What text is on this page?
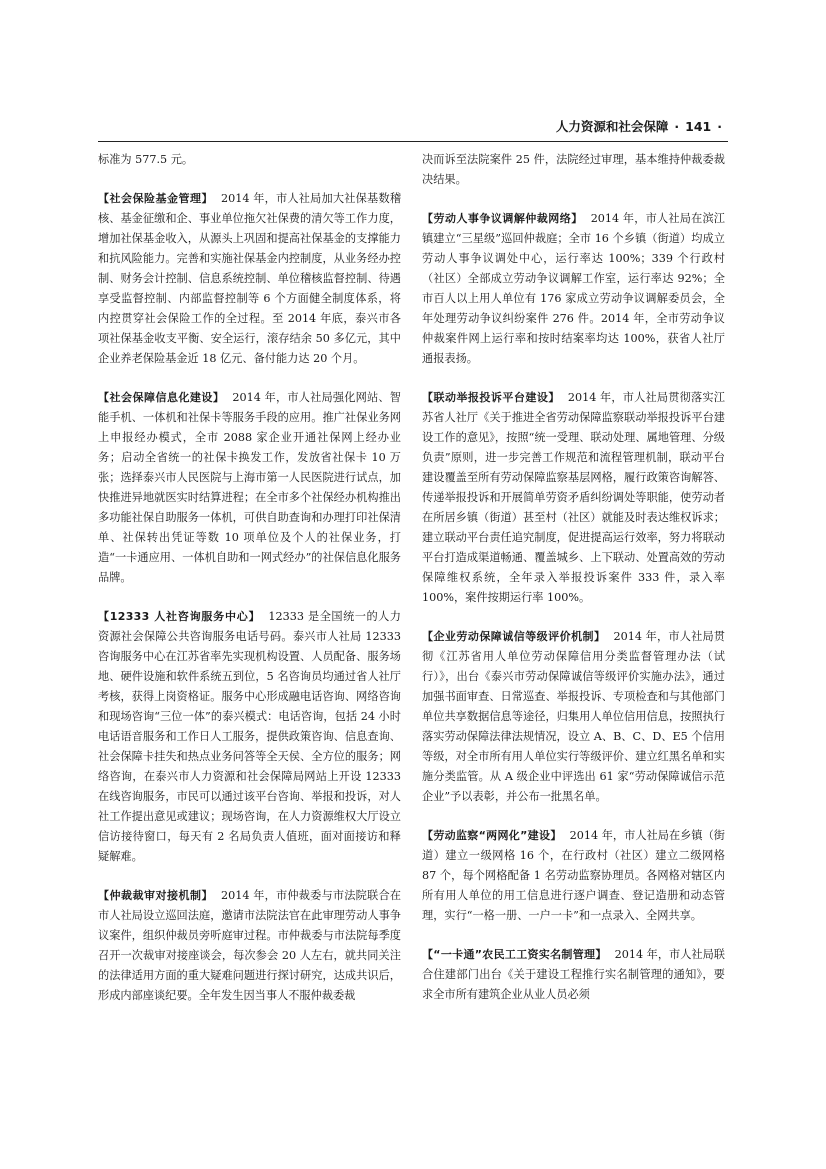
人力资源和社会保障 · 141 ·

标准为 577.5 元。

【社会保险基金管理】 2014 年，市人社局加大社保基数稽核、基金征缴和企、事业单位拖欠社保费的清欠等工作力度，增加社保基金收入，从源头上巩固和提高社保基金的支撑能力和抗风险能力。完善和实施社保基金内控制度，从业务经办控制、财务会计控制、信息系统控制、单位稽核监督控制、待遇享受监督控制、内部监督控制等 6 个方面健全制度体系，将内控贯穿社会保险工作的全过程。至 2014 年底，泰兴市各项社保基金收支平衡、安全运行，滚存结余 50 多亿元，其中企业养老保险基金近 18 亿元、备付能力达 20 个月。

【社会保障信息化建设】 2014 年，市人社局强化网站、智能手机、一体机和社保卡等服务手段的应用。推广社保业务网上申报经办模式，全市 2088 家企业开通社保网上经办业务；启动全省统一的社保卡换发工作，发放省社保卡 10 万张；选择泰兴市人民医院与上海市第一人民医院进行试点，加快推进异地就医实时结算进程；在全市多个社保经办机构推出多功能社保自助服务一体机，可供自助查询和办理打印社保清单、社保转出凭证等数 10 项单位及个人的社保业务，打造“一卡通应用、一体机自助和一网式经办”的社保信息化服务品牌。

【12333 人社咨询服务中心】 12333 是全国统一的人力资源社会保障公共咨询服务电话号码。泰兴市人社局 12333 咨询服务中心在江苏省率先实现机构设置、人员配备、服务场地、硬件设施和软件系统五到位，5 名咨询员均通过省人社厅考核，获得上岗资格证。服务中心形成融电话咨询、网络咨询和现场咨询“三位一体”的泰兴模式：电话咨询，包括 24 小时电话语音服务和工作日人工服务，提供政策咨询、信息查询、社会保障卡挂失和热点业务问答等全天侯、全方位的服务；网络咨询，在泰兴市人力资源和社会保障局网站上开设 12333 在线咨询服务，市民可以通过该平台咨询、举报和投诉，对人社工作提出意见或建议；现场咨询，在人力资源维权大厅设立信访接待窗口，每天有 2 名局负责人值班，面对面接访和释疑解难。

【仲裁裁审对接机制】 2014 年，市仲裁委与市法院联合在市人社局设立巡回法庭，邀请市法院法官在此审理劳动人事争议案件，组织仲裁员旁听庭审过程。市仲裁委与市法院每季度召开一次裁审对接座谈会，每次参会 20 人左右，就共同关注的法律适用方面的重大疑难问题进行探讨研究，达成共识后，形成内部座谈纪要。全年发生因当事人不服仲裁委裁

决而诉至法院案件 25 件，法院经过审理，基本维持仲裁委裁决结果。

【劳动人事争议调解仲裁网络】 2014 年，市人社局在滨江镇建立“三星级”巡回仲裁庭；全市 16 个乡镇（街道）均成立劳动人事争议调处中心，运行率达 100%；339 个行政村（社区）全部成立劳动争议调解工作室，运行率达 92%；全市百人以上用人单位有 176 家成立劳动争议调解委员会，全年处理劳动争议纠纷案件 276 件。2014 年，全市劳动争议仲裁案件网上运行率和按时结案率均达 100%，获省人社厅通报表扬。

【联动举报投诉平台建设】 2014 年，市人社局贯彻落实江苏省人社厅《关于推进全省劳动保障监察联动举报投诉平台建设工作的意见》，按照“统一受理、联动处理、属地管理、分级负责”原则，进一步完善工作规范和流程管理机制，联动平台建设覆盖至所有劳动保障监察基层网格，履行政策咨询解答、传递举报投诉和开展简单劳资矛盾纠纷调处等职能，使劳动者在所居乡镇（街道）甚至村（社区）就能及时表达维权诉求；建立联动平台责任追究制度，促进提高运行效率，努力将联动平台打造成渠道畅通、覆盖城乡、上下联动、处置高效的劳动保障维权系统，全年录入举报投诉案件 333 件，录入率 100%，案件按期运行率 100%。

【企业劳动保障诚信等级评价机制】 2014 年，市人社局贯彻《江苏省用人单位劳动保障信用分类监督管理办法（试行）》，出台《泰兴市劳动保障诚信等级评价实施办法》，通过加强书面审查、日常巡查、举报投诉、专项检查和与其他部门单位共享数据信息等途径，归集用人单位信用信息，按照执行落实劳动保障法律法规情况，设立 A、B、C、D、E5 个信用等级，对全市所有用人单位实行等级评价、建立红黑名单和实施分类监管。从 A 级企业中评选出 61 家“劳动保障诚信示范企业”予以表彰，并公布一批黑名单。

【劳动监察“两网化”建设】 2014 年，市人社局在乡镇（街道）建立一级网格 16 个，在行政村（社区）建立二级网格 87 个，每个网格配备 1 名劳动监察协理员。各网格对辖区内所有用人单位的用工信息进行逐户调查、登记造册和动态管理，实行“一格一册、一户一卡”和一点录入、全网共享。

【“一卡通”农民工工资实名制管理】 2014 年，市人社局联合住建部门出台《关于建设工程推行实名制管理的通知》，要求全市所有建筑企业从业人员必须
